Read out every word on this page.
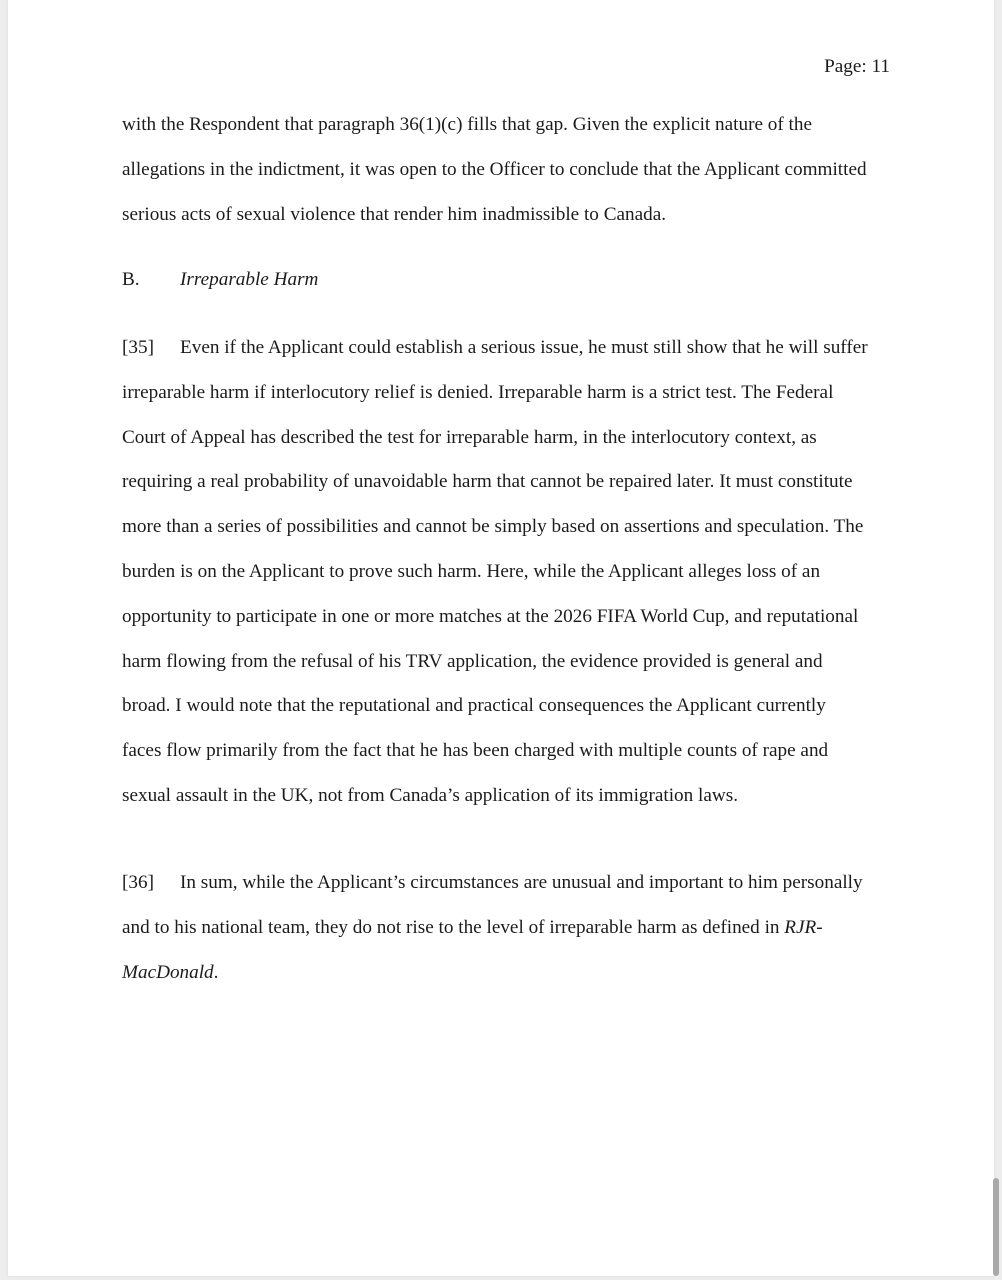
Page: 11

with the Respondent that paragraph 36(1)(c) fills that gap. Given the explicit nature of the
allegations in the indictment, it was open to the Officer to conclude that the Applicant committed
serious acts of sexual violence that render him inadmissible to Canada.
B. Irreparable Harm
[35] Even if the Applicant could establish a serious issue, he must still show that he will suffer
irreparable harm if interlocutory relief is denied. Irreparable harm is a strict test. The Federal
Court of Appeal has described the test for irreparable harm, in the interlocutory context, as
requiring a real probability of unavoidable harm that cannot be repaired later. It must constitute
more than a series of possibilities and cannot be simply based on assertions and speculation. The
burden is on the Applicant to prove such harm. Here, while the Applicant alleges loss of an
opportunity to participate in one or more matches at the 2026 FIFA World Cup, and reputational
harm flowing from the refusal of his TRV application, the evidence provided is general and
broad. I would note that the reputational and practical consequences the Applicant currently
faces flow primarily from the fact that he has been charged with multiple counts of rape and
sexual assault in the UK, not from Canada’s application of its immigration laws.
[36] In sum, while the Applicant’s circumstances are unusual and important to him personally
and to his national team, they do not rise to the level of irreparable harm as defined in RJR-
MacDonald.
